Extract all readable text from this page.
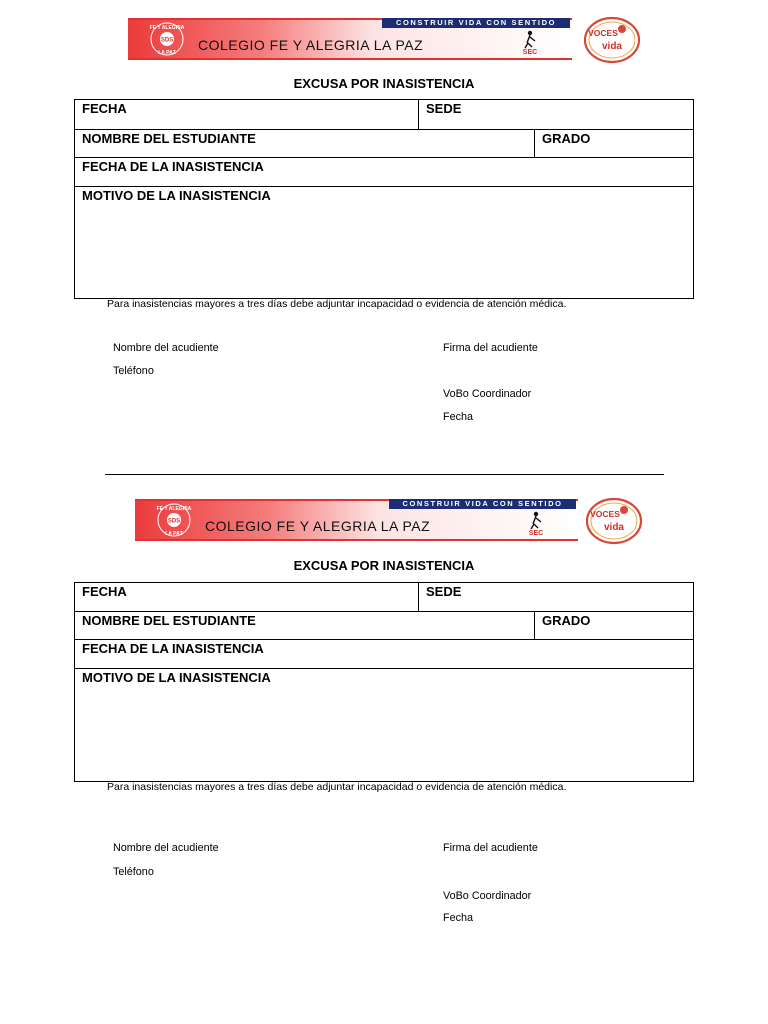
CONSTRUIR VIDA CON SENTIDO
SDS
FE Y ALEGRIA
LA PAZ COLEGIO FE Y ALEGRIA LA PAZ	SEC
VOCES
vida
EXCUSA POR INASISTENCIA
FECHA	SEDE
NOMBRE DEL ESTUDIANTE	GRADO
FECHA DE LA INASISTENCIA
MOTIVO DE LA INASISTENCIA
Para inasistencias mayores a tres días debe adjuntar incapacidad o evidencia de atención médica.
Nombre del acudiente
Teléfono
Firma del acudiente
VoBo Coordinador
Fecha
CONSTRUIR VIDA CON SENTIDO
SDS
FE Y ALEGRIA
LA PAZ COLEGIO FE Y ALEGRIA LA PAZ	SEC
VOCES
vida
EXCUSA POR INASISTENCIA
FECHA	SEDE
NOMBRE DEL ESTUDIANTE	GRADO
FECHA DE LA INASISTENCIA
MOTIVO DE LA INASISTENCIA
Para inasistencias mayores a tres días debe adjuntar incapacidad o evidencia de atención médica.
Nombre del acudiente
Teléfono
Firma del acudiente
VoBo Coordinador
Fecha
